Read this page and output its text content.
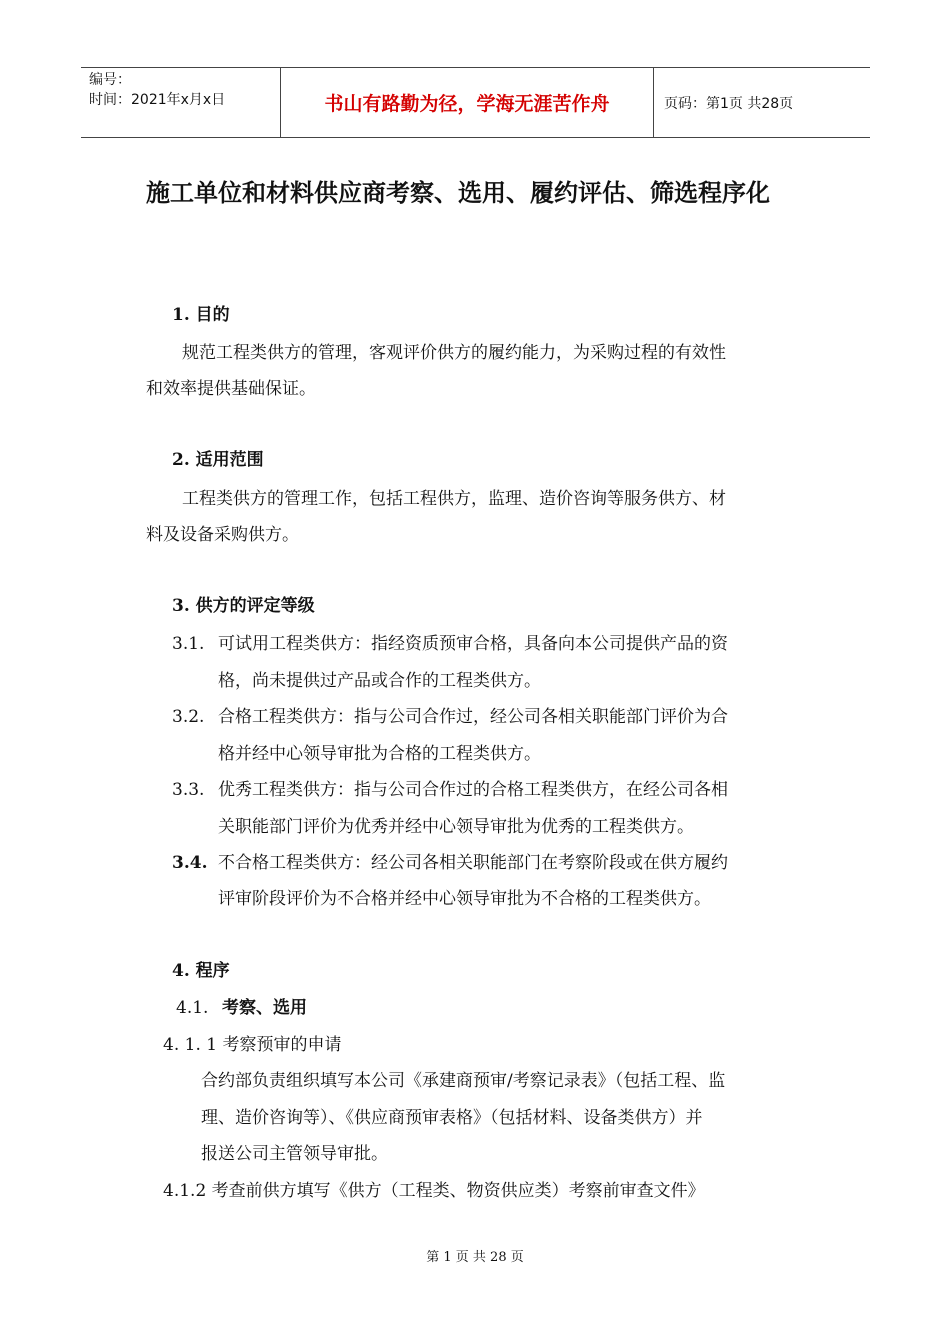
编号：
时间：2021年x月x日	书山有路勤为径，学海无涯苦作舟	页码：第1页 共28页
施工单位和材料供应商考察、选用、履约评估、筛选程序化
1. 目的
规范工程类供方的管理，客观评价供方的履约能力，为采购过程的有效性
和效率提供基础保证。
2. 适用范围
工程类供方的管理工作，包括工程供方，监理、造价咨询等服务供方、材
料及设备采购供方。
3. 供方的评定等级
3.1. 可试用工程类供方：指经资质预审合格，具备向本公司提供产品的资
格，尚未提供过产品或合作的工程类供方。
3.2. 合格工程类供方：指与公司合作过，经公司各相关职能部门评价为合
格并经中心领导审批为合格的工程类供方。
3.3. 优秀工程类供方：指与公司合作过的合格工程类供方，在经公司各相
关职能部门评价为优秀并经中心领导审批为优秀的工程类供方。
3.4. 不合格工程类供方：经公司各相关职能部门在考察阶段或在供方履约
评审阶段评价为不合格并经中心领导审批为不合格的工程类供方。
4. 程序
4.1. 考察、选用
4. 1. 1 考察预审的申请
合约部负责组织填写本公司《承建商预审/考察记录表》（包括工程、监
理、造价咨询等）、《供应商预审表格》（包括材料、设备类供方）并
报送公司主管领导审批。
4.1.2 考查前供方填写《供方（工程类、物资供应类）考察前审查文件》
第 1 页 共 28 页
